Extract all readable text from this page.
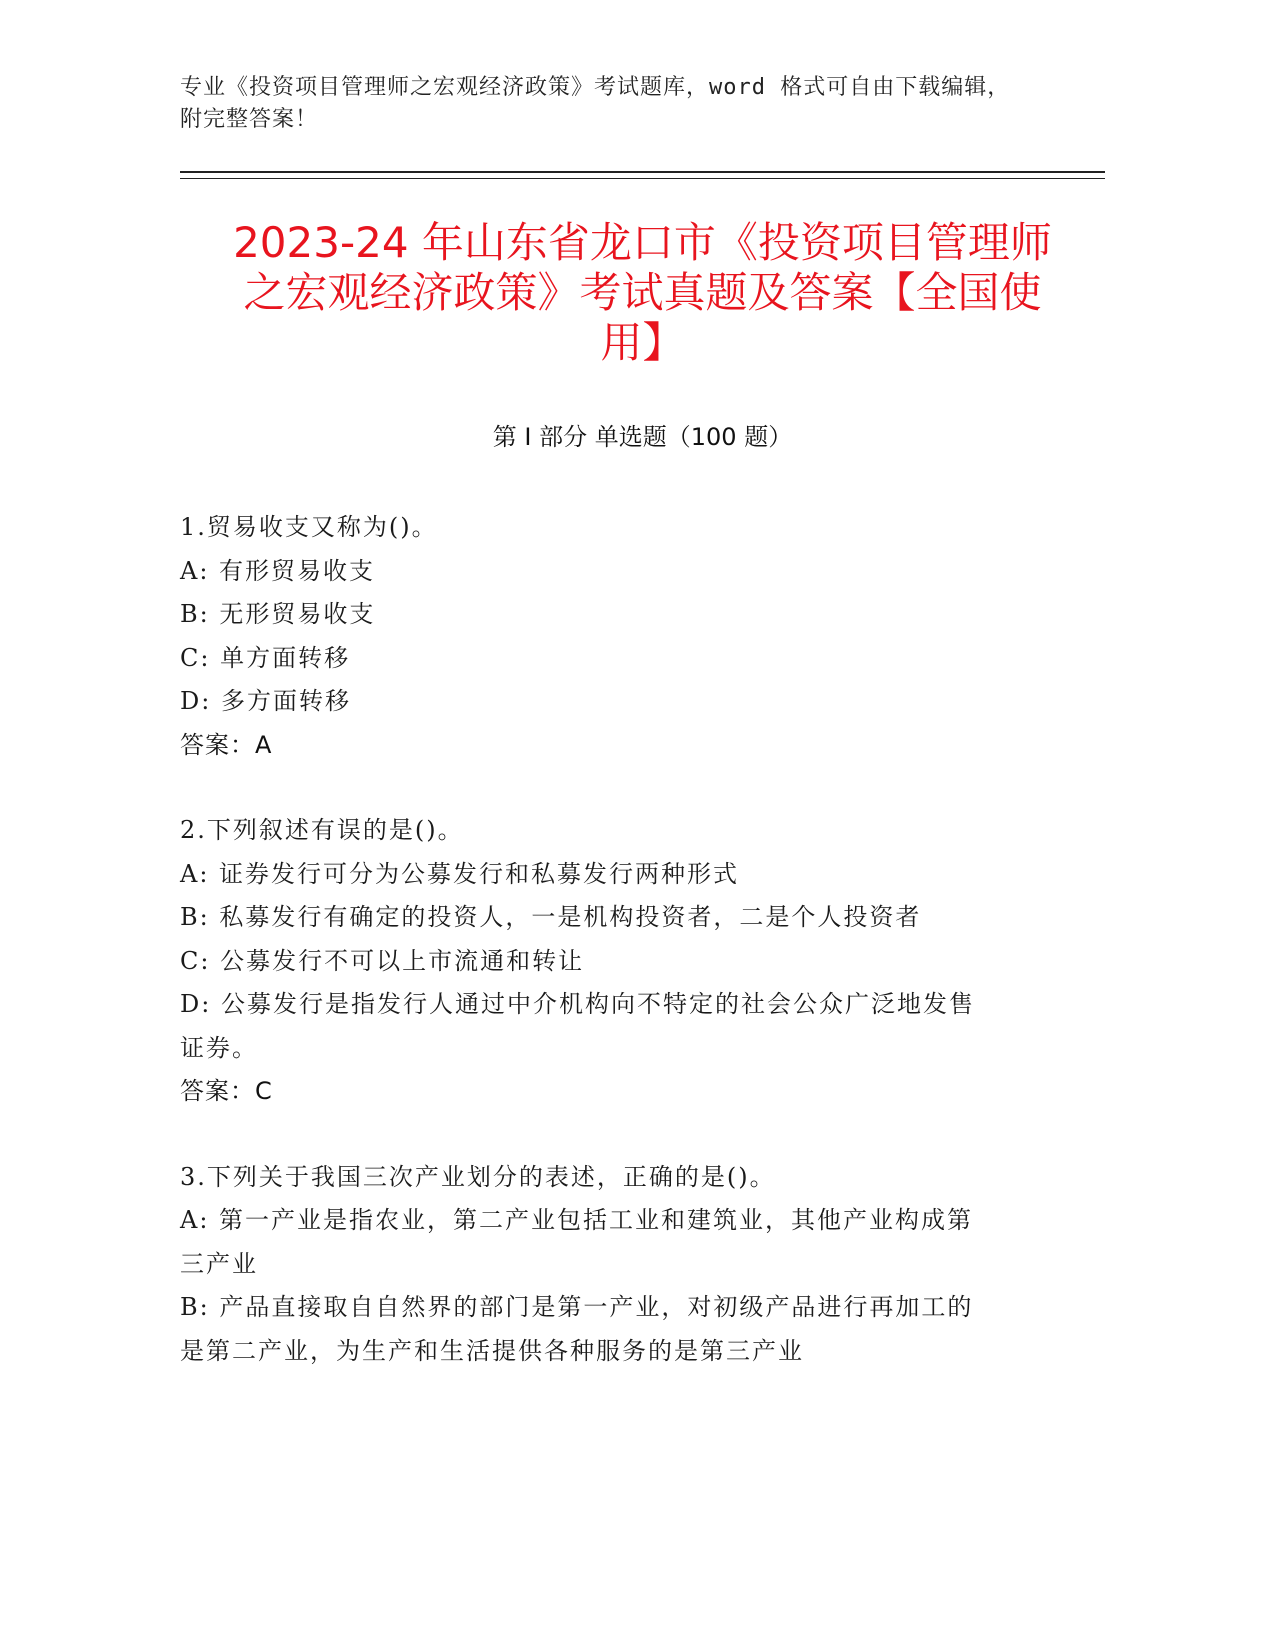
专业《投资项目管理师之宏观经济政策》考试题库，word 格式可自由下载编辑，
附完整答案！
2023-24 年山东省龙口市《投资项目管理师
之宏观经济政策》考试真题及答案【全国使
用】
第 I 部分 单选题（100 题）
1.贸易收支又称为()。
A: 有形贸易收支
B: 无形贸易收支
C: 单方面转移
D: 多方面转移
答案：A
2.下列叙述有误的是()。
A: 证券发行可分为公募发行和私募发行两种形式
B: 私募发行有确定的投资人，一是机构投资者，二是个人投资者
C: 公募发行不可以上市流通和转让
D: 公募发行是指发行人通过中介机构向不特定的社会公众广泛地发售
证券。
答案：C
3.下列关于我国三次产业划分的表述，正确的是()。
A: 第一产业是指农业，第二产业包括工业和建筑业，其他产业构成第
三产业
B: 产品直接取自自然界的部门是第一产业，对初级产品进行再加工的
是第二产业，为生产和生活提供各种服务的是第三产业
